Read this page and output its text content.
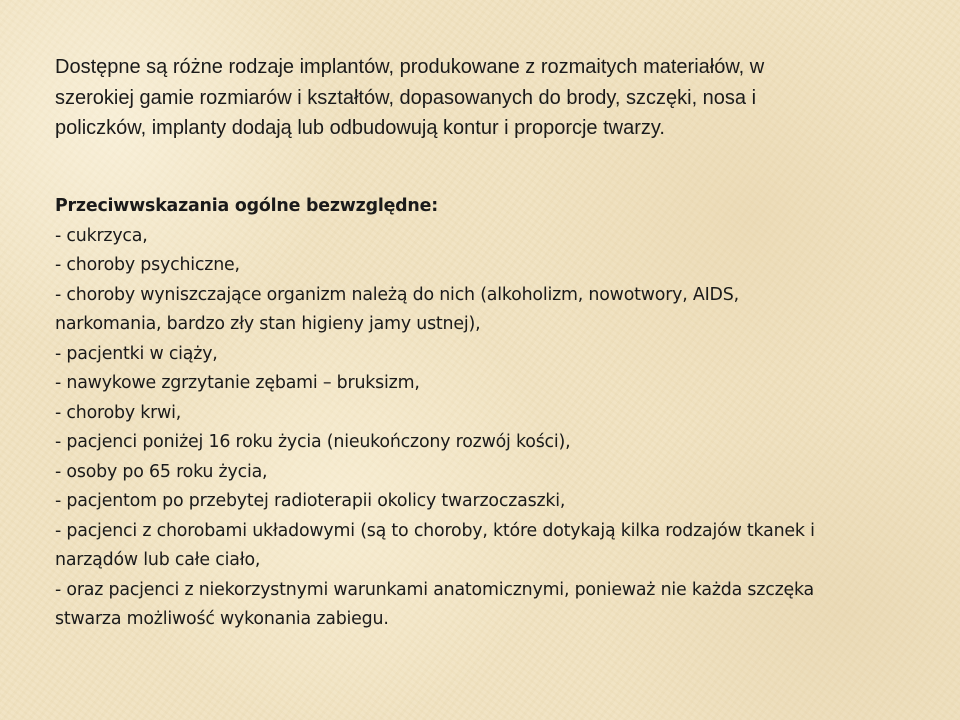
Dostępne są różne rodzaje implantów, produkowane z rozmaitych materiałów, w
szerokiej gamie rozmiarów i kształtów, dopasowanych do brody, szczęki, nosa i
policzków, implanty dodają lub odbudowują kontur i proporcje twarzy.

Przeciwwskazania ogólne bezwzględne:
- cukrzyca,
- choroby psychiczne,
- choroby wyniszczające organizm należą do nich (alkoholizm, nowotwory, AIDS,
narkomania, bardzo zły stan higieny jamy ustnej),
- pacjentki w ciąży,
- nawykowe zgrzytanie zębami – bruksizm,
- choroby krwi,
- pacjenci poniżej 16 roku życia (nieukończony rozwój kości),
- osoby po 65 roku życia,
- pacjentom po przebytej radioterapii okolicy twarzoczaszki,
- pacjenci z chorobami układowymi (są to choroby, które dotykają kilka rodzajów tkanek i
narządów lub całe ciało,
- oraz pacjenci z niekorzystnymi warunkami anatomicznymi, ponieważ nie każda szczęka
stwarza możliwość wykonania zabiegu.
